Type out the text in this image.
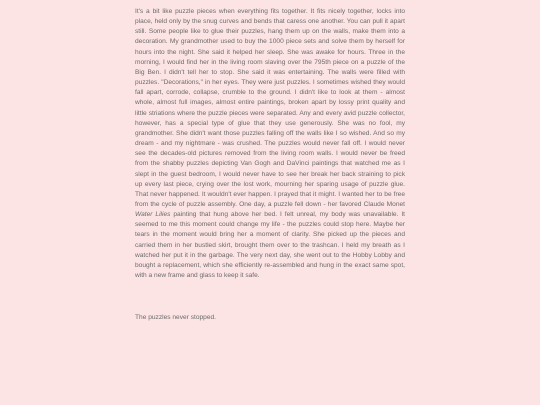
It's a bit like puzzle pieces when everything fits together. It fits nicely together, locks into place, held only by the snug curves and bends that caress one another. You can pull it apart still. Some people like to glue their puzzles, hang them up on the walls, make them into a decoration. My grandmother used to buy the 1000 piece sets and solve them by herself for hours into the night. She said it helped her sleep. She was awake for hours. Three in the morning, I would find her in the living room slaving over the 795th piece on a puzzle of the Big Ben. I didn't tell her to stop. She said it was entertaining. The walls were filled with puzzles. "Decorations," in her eyes. They were just puzzles. I sometimes wished they would fall apart, corrode, collapse, crumble to the ground. I didn't like to look at them - almost whole, almost full images, almost entire paintings, broken apart by lossy print quality and little striations where the puzzle pieces were separated. Any and every avid puzzle collector, however, has a special type of glue that they use generously. She was no fool, my grandmother. She didn't want those puzzles falling off the walls like I so wished. And so my dream - and my nightmare - was crushed. The puzzles would never fall off. I would never see the decades-old pictures removed from the living room walls. I would never be freed from the shabby puzzles depicting Van Gogh and DaVinci paintings that watched me as I slept in the guest bedroom, I would never have to see her break her back straining to pick up every last piece, crying over the lost work, mourning her sparing usage of puzzle glue. That never happened. It wouldn't ever happen. I prayed that it might. I wanted her to be free from the cycle of puzzle assembly. One day, a puzzle fell down - her favored Claude Monet Water Lilies painting that hung above her bed. I felt unreal, my body was unavailable. It seemed to me this moment could change my life - the puzzles could stop here. Maybe her tears in the moment would bring her a moment of clarity. She picked up the pieces and carried them in her bustled skirt, brought them over to the trashcan. I held my breath as I watched her put it in the garbage. The very next day, she went out to the Hobby Lobby and bought a replacement, which she efficiently re-assembled and hung in the exact same spot, with a new frame and glass to keep it safe.

The puzzles never stopped.
